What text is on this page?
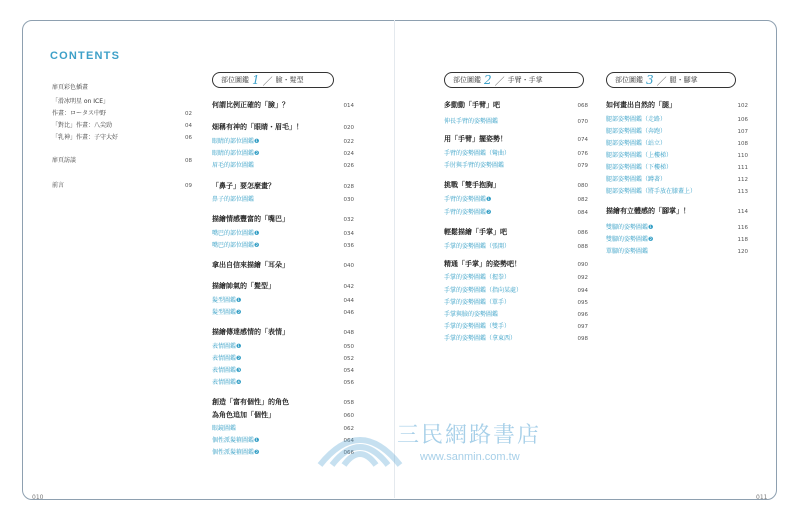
CONTENTS
扉頁彩色插畫
「滑冰明星 on ICE」
作畫：ロータス中野	02
「對比」作畫：八尖勁	04
「乳神」作畫：子守大好	06
扉頁訪談	08
前言	09
部位圖鑑 1 ／ 臉・髮型	部位圖鑑 2 ／ 手臂・手掌	部位圖鑑 3 ／ 腿・腳掌
何謂比例正確的「臉」？	014
畑稱有神的「眼睛・眉毛」！	020
眼睛的部位圖鑑❶	022
眼睛的部位圖鑑❷	024
眉毛的部位圖鑑	026
「鼻子」要怎麼畫？	028
鼻子的部位圖鑑	030
描繪情感豐富的「嘴巴」	032
嘴巴的部位圖鑑❶	034
嘴巴的部位圖鑑❷	036
拿出自信來描繪「耳朵」	040
描繪帥氣的「髮型」	042
髮型圖鑑❶	044
髮型圖鑑❷	046
描繪傳達感情的「表情」	048
表情圖鑑❶	050
表情圖鑑❷	052
表情圖鑑❸	054
表情圖鑑❹	056
創造「富有個性」的角色	058
為角色追加「個性」	060
眼鏡圖鑑	062
個性派髮箍圖鑑❶	064
個性派髮箍圖鑑❷	066
多動動「手臂」吧	068
伸長手臂的姿勢圖鑑	070
用「手臂」擺姿勢！	074
手臂的姿勢圖鑑（彎曲）	076
手肘與手臂的姿勢圖鑑	079
挑戰「雙手抱胸」	080
手臂的姿勢圖鑑❶	082
手臂的姿勢圖鑑❷	084
輕鬆描繪「手掌」吧	086
手掌的姿勢圖鑑（張開）	088
精通「手掌」的姿勢吧！	090
手掌的姿勢圖鑑（握拳）	092
手掌的姿勢圖鑑（指向某處）	094
手掌的姿勢圖鑑（單手）	095
手掌與臉的姿勢圖鑑	096
手掌的姿勢圖鑑（雙手）	097
手掌的姿勢圖鑑（拿東西）	098
如何畫出自然的「腿」	102
腿部姿勢圖鑑（走路）	106
腿部姿勢圖鑑（奔跑）	107
腿部姿勢圖鑑（站立）	108
腿部姿勢圖鑑（上樓梯）	110
腿部姿勢圖鑑（下樓梯）	111
腿部姿勢圖鑑（蹲著）	112
腿部姿勢圖鑑（將手放在膝蓋上）	113
描繪有立體感的「腳掌」！	114
雙腳的姿勢圖鑑❶	116
雙腳的姿勢圖鑑❷	118
單腳的姿勢圖鑑	120
三民網路書店
www.sanmin.com.tw
010	011
